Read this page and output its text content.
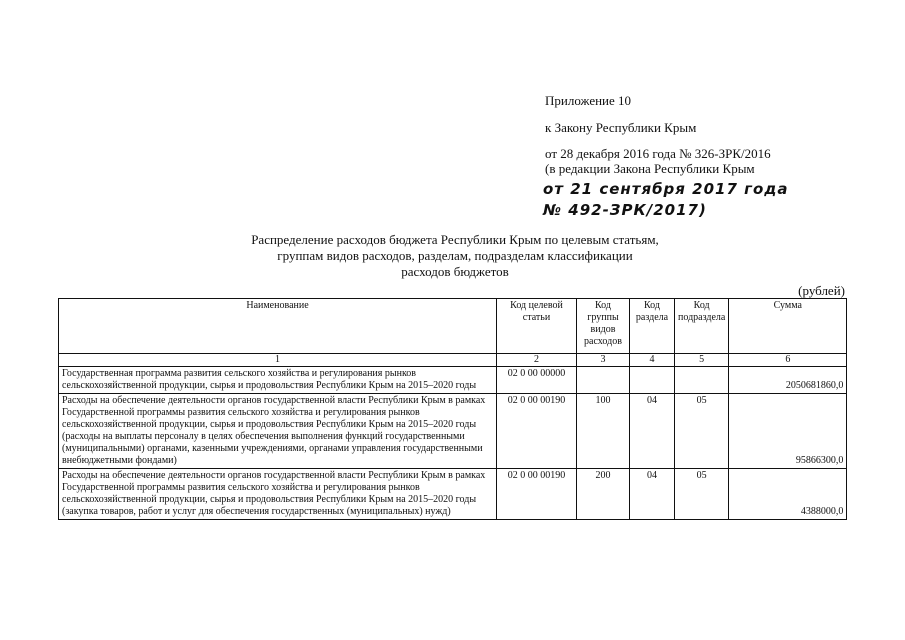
Приложение 10
к Закону Республики Крым
от 28 декабря 2016 года № 326-ЗРК/2016
(в редакции Закона Республики Крым
от 21 сентября 2017 года
№ 492-ЗРК/2017)
Распределение расходов бюджета Республики Крым по целевым статьям,
группам видов расходов, разделам, подразделам классификации
расходов бюджетов
(рублей)
Наименование	Код целевой статьи	Код группы видов расходов	Код раздела	Код подраздела	Сумма
1	2	3	4	5	6
Государственная программа развития сельского хозяйства и регулирования рынков сельскохозяйственной продукции, сырья и продовольствия Республики Крым на 2015–2020 годы	02 0 00 00000				2050681860,0
Расходы на обеспечение деятельности органов государственной власти Республики Крым в рамках Государственной программы развития сельского хозяйства и регулирования рынков сельскохозяйственной продукции, сырья и продовольствия Республики Крым на 2015–2020 годы (расходы на выплаты персоналу в целях обеспечения выполнения функций государственными (муниципальными) органами, казенными учреждениями, органами управления государственными внебюджетными фондами)	02 0 00 00190	100	04	05	95866300,0
Расходы на обеспечение деятельности органов государственной власти Республики Крым в рамках Государственной программы развития сельского хозяйства и регулирования рынков сельскохозяйственной продукции, сырья и продовольствия Республики Крым на 2015–2020 годы (закупка товаров, работ и услуг для обеспечения государственных (муниципальных) нужд)	02 0 00 00190	200	04	05	4388000,0
